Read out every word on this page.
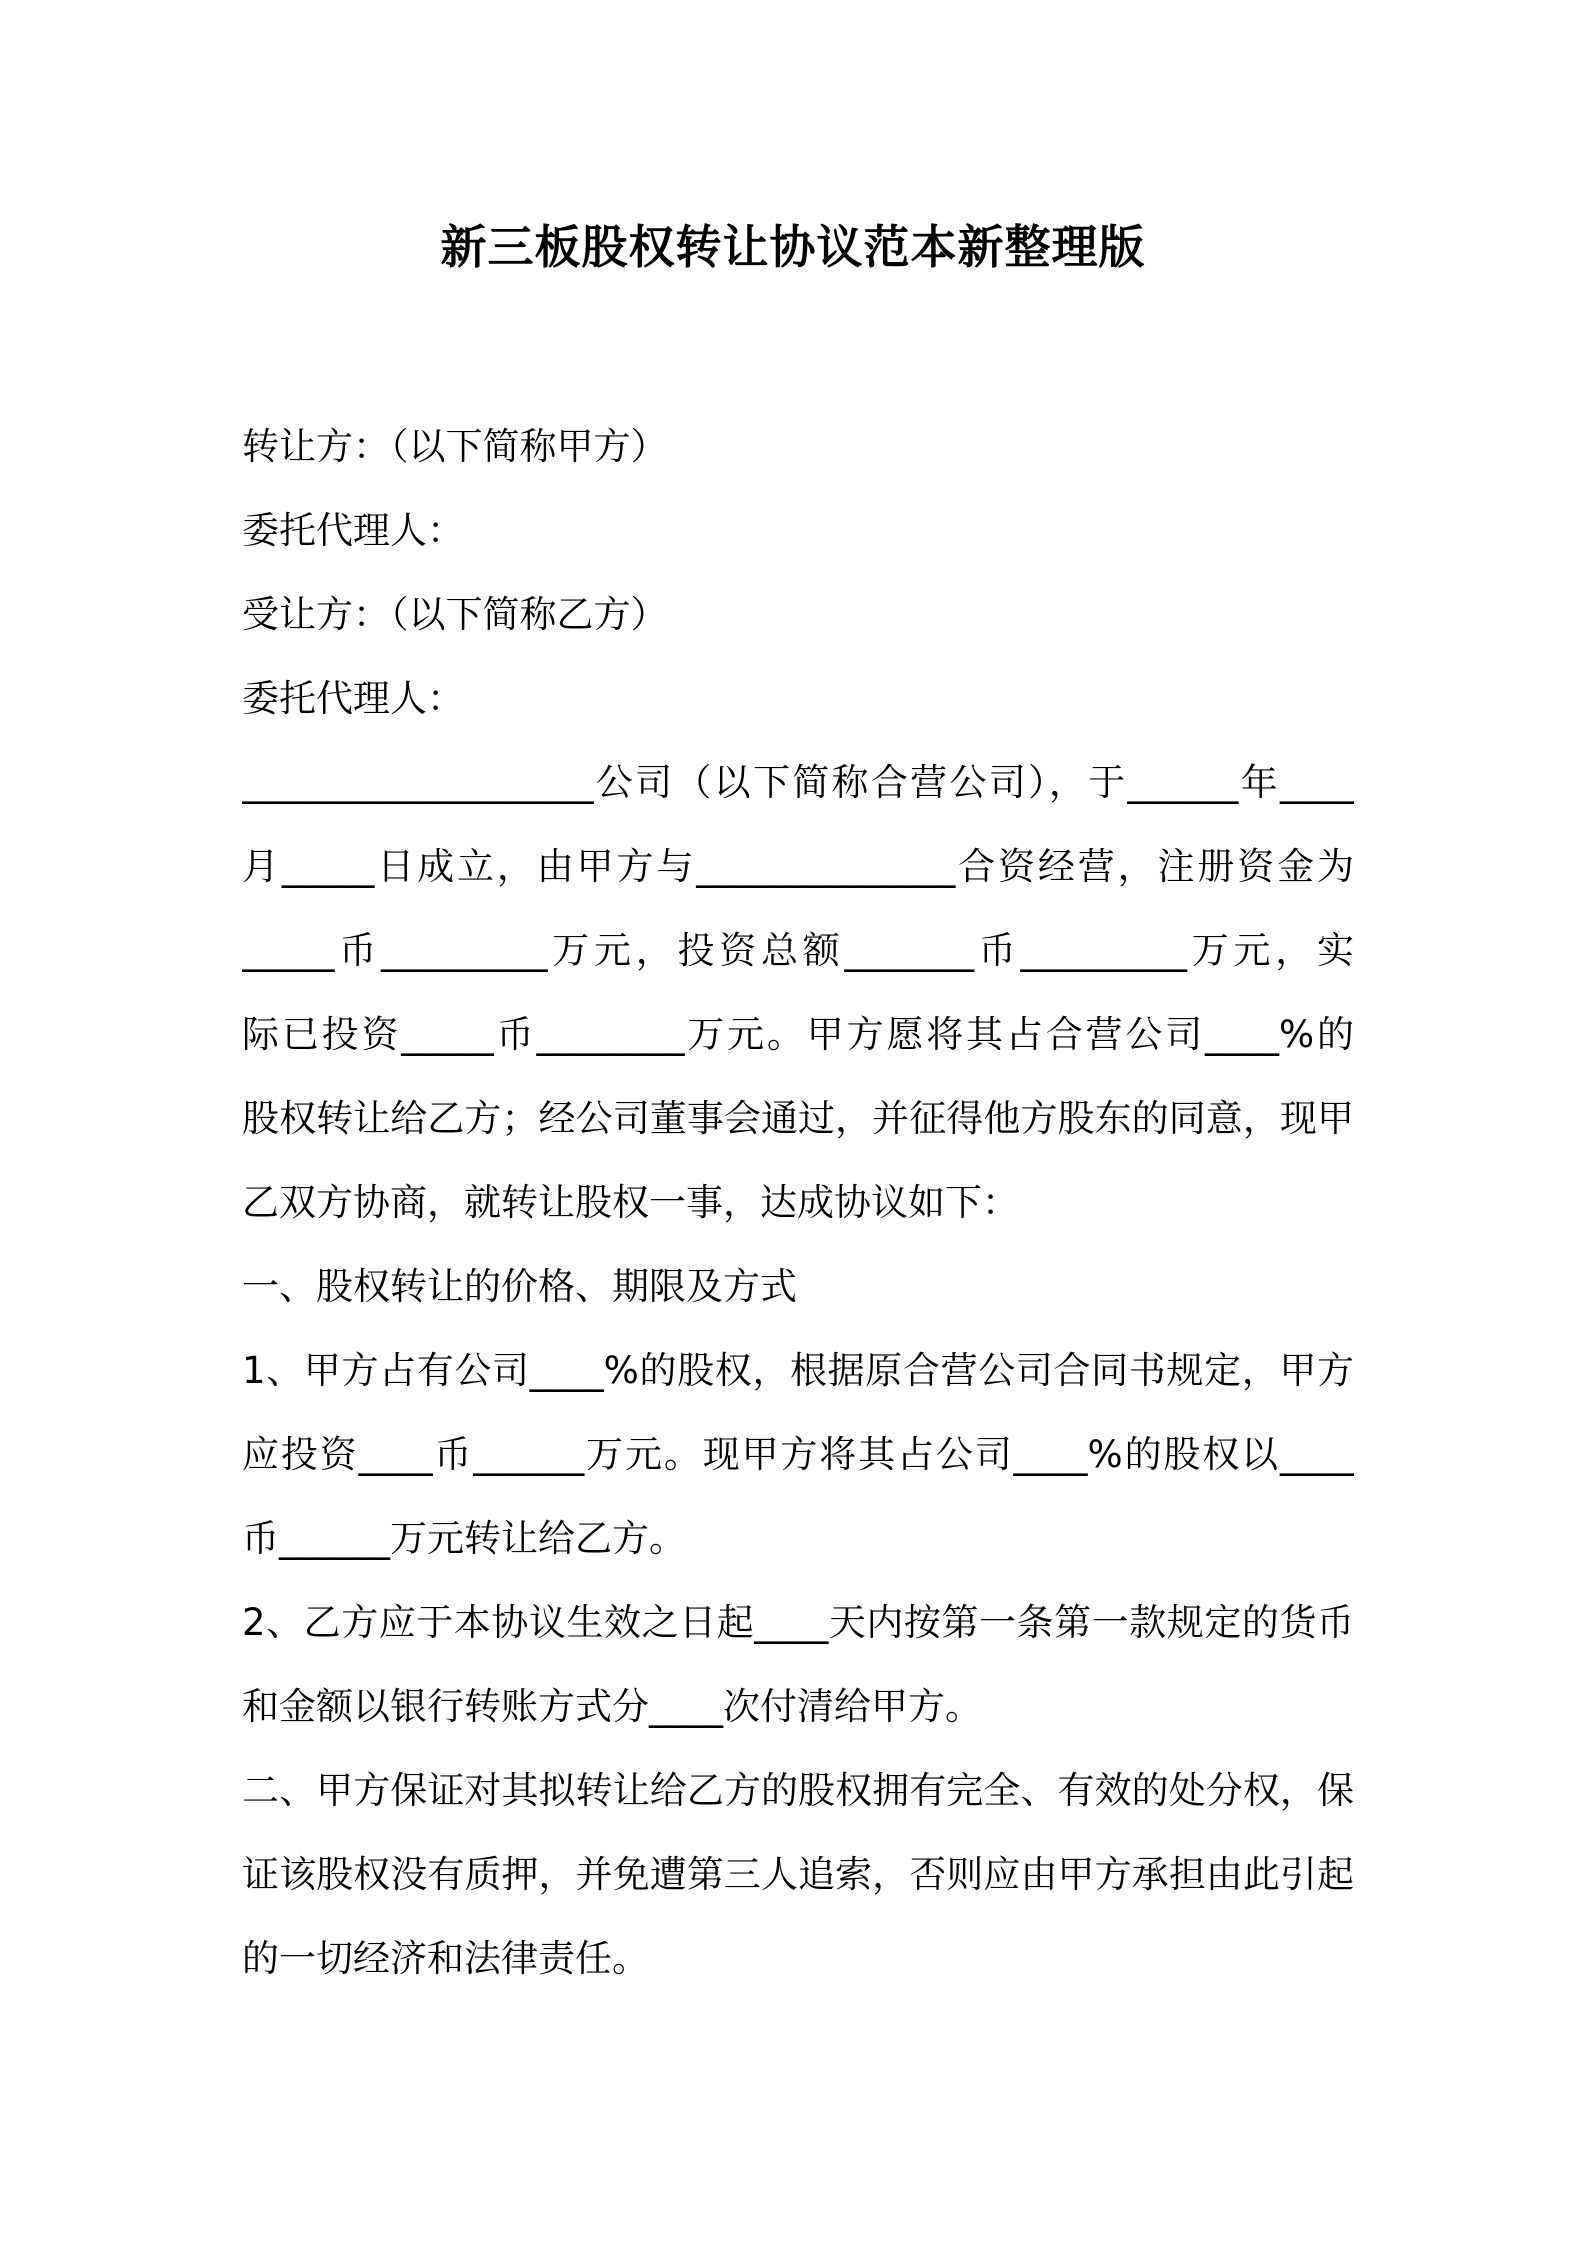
新三板股权转让协议范本新整理版
转让方：（以下简称甲方）
委托代理人：
受让方：（以下简称乙方）
委托代理人：
___________________公司（以下简称合营公司），于______年____
月_____日成立，由甲方与______________合资经营，注册资金为
_____币_________万元，投资总额_______币_________万元，实
际已投资_____币________万元。甲方愿将其占合营公司____%的
股权转让给乙方；经公司董事会通过，并征得他方股东的同意，现甲
乙双方协商，就转让股权一事，达成协议如下：
一、股权转让的价格、期限及方式
1、甲方占有公司____%的股权，根据原合营公司合同书规定，甲方
应投资____币______万元。现甲方将其占公司____%的股权以____
币______万元转让给乙方。
2、乙方应于本协议生效之日起____天内按第一条第一款规定的货币
和金额以银行转账方式分____次付清给甲方。
二、甲方保证对其拟转让给乙方的股权拥有完全、有效的处分权，保
证该股权没有质押，并免遭第三人追索，否则应由甲方承担由此引起
的一切经济和法律责任。
